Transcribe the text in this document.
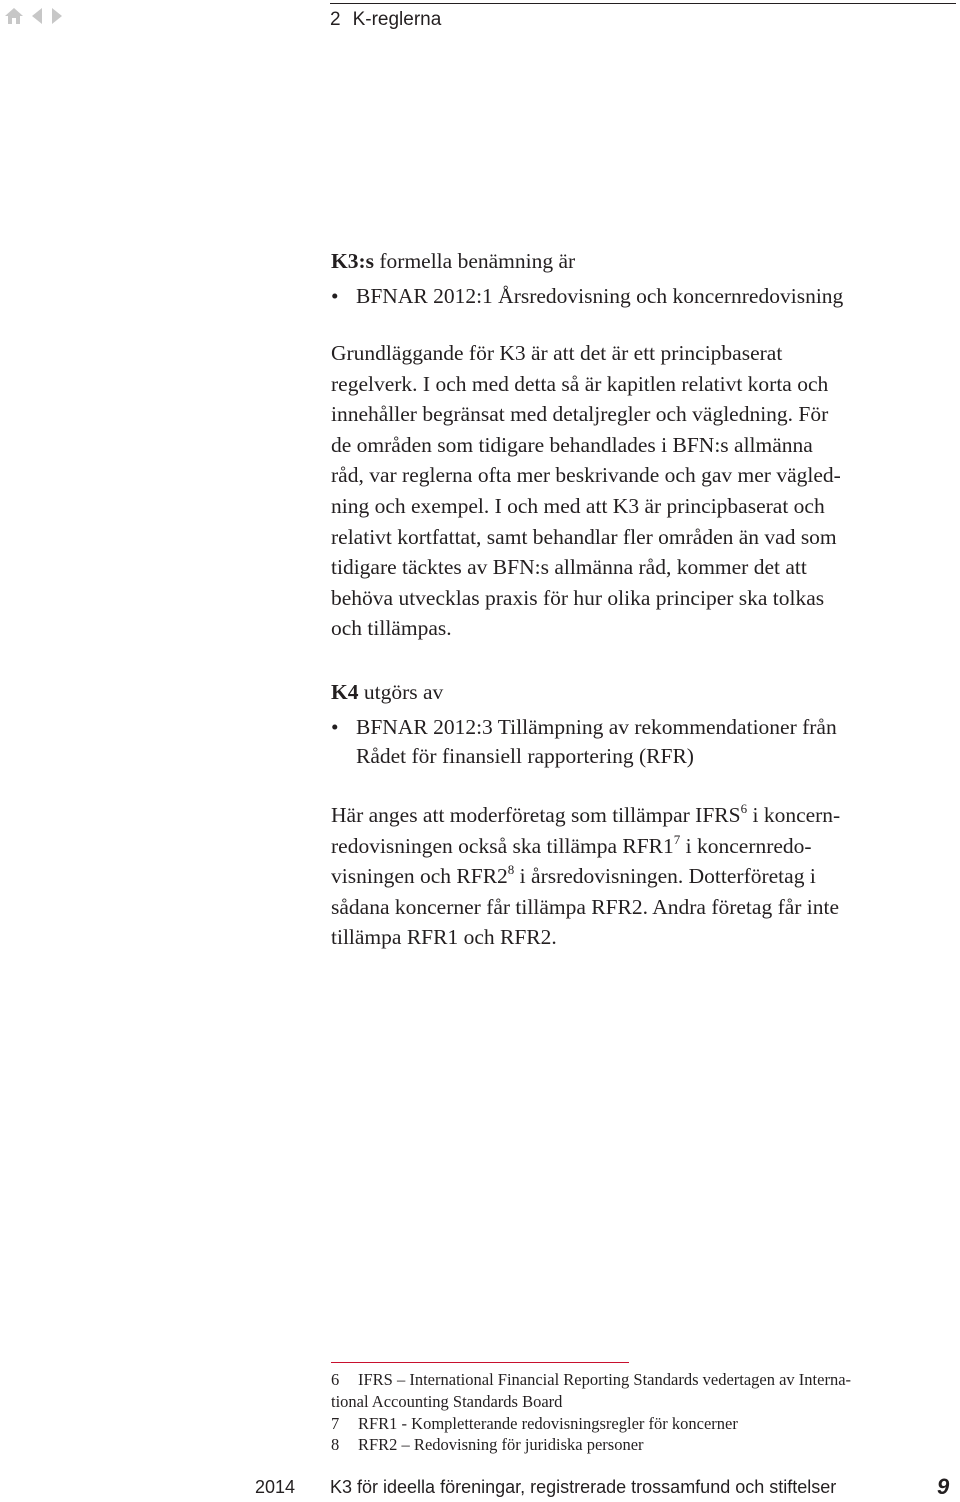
2 K-reglerna

K3:s formella benämning är

• BFNAR 2012:1 Årsredovisning och koncernredovisning

Grundläggande för K3 är att det är ett principbaserat

regelverk. I och med detta så är kapitlen relativt korta och

innehåller begränsat med detaljregler och vägledning. För

de områden som tidigare behandlades i BFN:s allmänna

råd, var reglerna ofta mer beskrivande och gav mer vägled-

ning och exempel. I och med att K3 är principbaserat och

relativt kortfattat, samt behandlar fler områden än vad som

tidigare täcktes av BFN:s allmänna råd, kommer det att

behöva utvecklas praxis för hur olika principer ska tolkas

och tillämpas.

K4 utgörs av

• BFNAR 2012:3 Tillämpning av rekommendationer från
Rådet för finansiell rapportering (RFR)

Här anges att moderföretag som tillämpar IFRS$^6$ i koncern-

redovisningen också ska tillämpa $RFR1^7$ i koncernredo-

visningen och $RFR2^8$ i årsredovisningen. Dotterföretag i

sådana koncerner får tillämpa RFR2. Andra företag får inte

tillämpa RFR1 och RFR2.

6 IFRS – International Financial Reporting Standards vedertagen av Interna-

tional Accounting Standards Board

7 RFR1 - Kompletterande redovisningsregler för koncerner

8 RFR2 – Redovisning för juridiska personer

2014 K3 för ideella föreningar, registrerade trossamfund och stiftelser	9
